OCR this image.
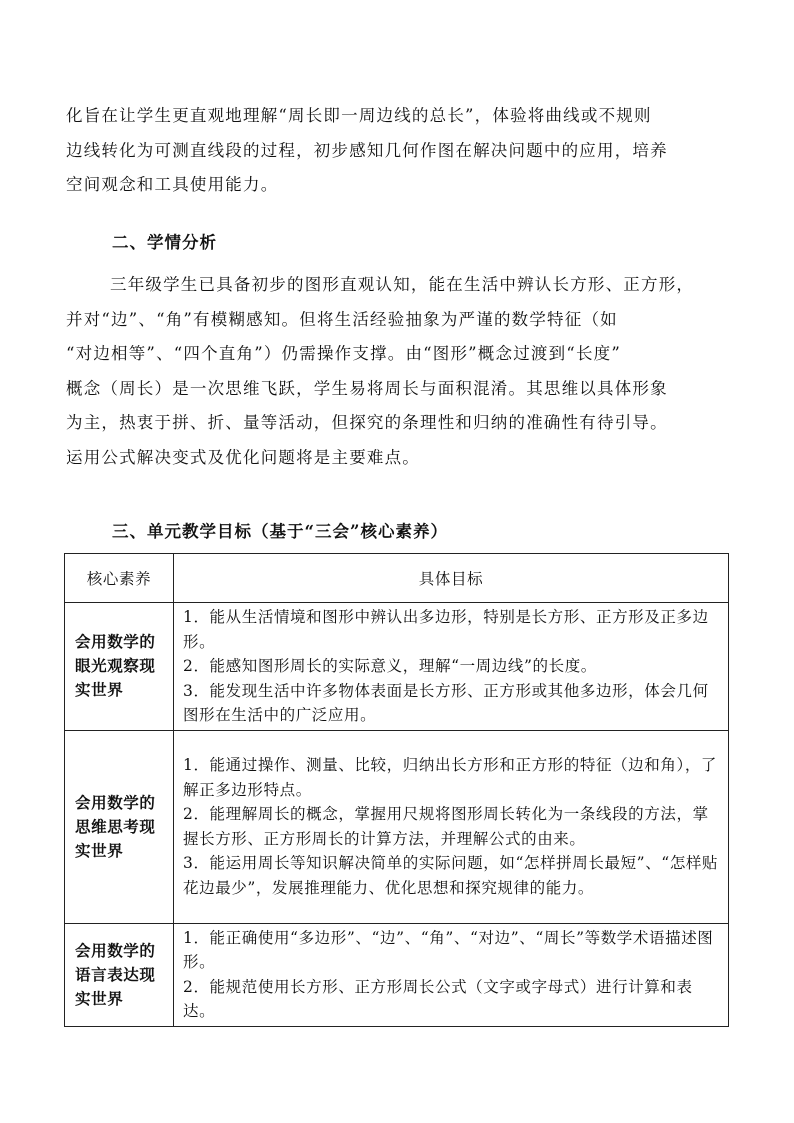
化旨在让学生更直观地理解“周长即一周边线的总长”，体验将曲线或不规则
边线转化为可测直线段的过程，初步感知几何作图在解决问题中的应用，培养
空间观念和工具使用能力。
二、学情分析
三年级学生已具备初步的图形直观认知，能在生活中辨认长方形、正方形，
并对“边”、“角”有模糊感知。但将生活经验抽象为严谨的数学特征（如
“对边相等”、“四个直角”）仍需操作支撑。由“图形”概念过渡到“长度”
概念（周长）是一次思维飞跃，学生易将周长与面积混淆。其思维以具体形象
为主，热衷于拼、折、量等活动，但探究的条理性和归纳的准确性有待引导。
运用公式解决变式及优化问题将是主要难点。
三、单元教学目标（基于“三会”核心素养）
核心素养	具体目标

会用数学的眼光观察现实世界	1．能从生活情境和图形中辨认出多边形，特别是长方形、正方形及正多边形。
2．能感知图形周长的实际意义，理解“一周边线”的长度。
3．能发现生活中许多物体表面是长方形、正方形或其他多边形，体会几何图形在生活中的广泛应用。

会用数学的思维思考现实世界	1．能通过操作、测量、比较，归纳出长方形和正方形的特征（边和角），了解正多边形特点。
2．能理解周长的概念，掌握用尺规将图形周长转化为一条线段的方法，掌握长方形、正方形周长的计算方法，并理解公式的由来。
3．能运用周长等知识解决简单的实际问题，如“怎样拼周长最短”、“怎样贴花边最少”，发展推理能力、优化思想和探究规律的能力。

会用数学的语言表达现实世界	1．能正确使用“多边形”、“边”、“角”、“对边”、“周长”等数学术语描述图形。
2．能规范使用长方形、正方形周长公式（文字或字母式）进行计算和表达。
